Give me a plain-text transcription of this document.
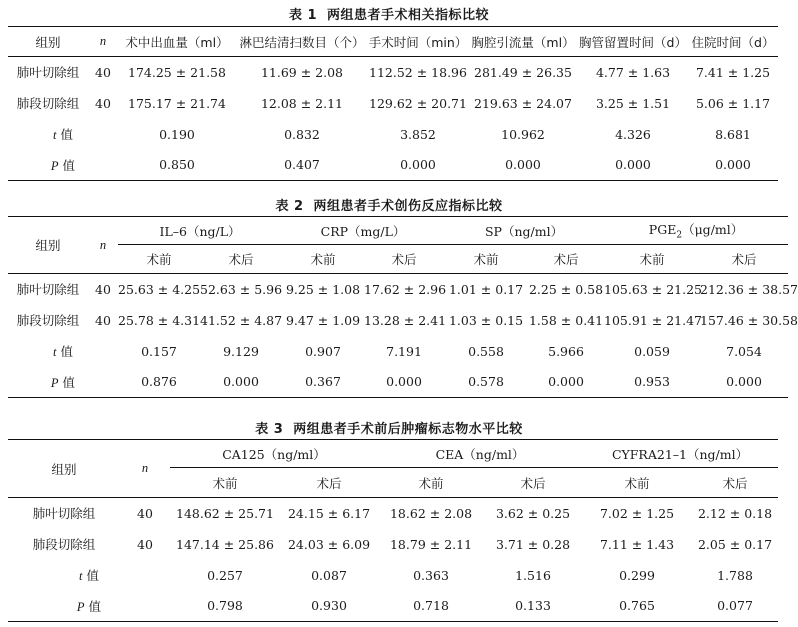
表 1 两组患者手术相关指标比较
组别	n	术中出血量（ml）	淋巴结清扫数目（个）	手术时间（min）	胸腔引流量（ml）	胸管留置时间（d）	住院时间（d）
肺叶切除组	40	174.25 ± 21.58	11.69 ± 2.08	112.52 ± 18.96	281.49 ± 26.35	4.77 ± 1.63	7.41 ± 1.25
肺段切除组	40	175.17 ± 21.74	12.08 ± 2.11	129.62 ± 20.71	219.63 ± 24.07	3.25 ± 1.51	5.06 ± 1.17
t 值		0.190	0.832	3.852	10.962	4.326	8.681
P 值		0.850	0.407	0.000	0.000	0.000	0.000
表 2 两组患者手术创伤反应指标比较
组别	n	IL–6（ng/L）		CRP（mg/L）		SP（ng/ml）		$PGE_2(\mu g/ml)$	
		术前	术后	术前	术后	术前	术后	术前	术后
肺叶切除组	40	25.63 ± 4.25	52.63 ± 5.96	9.25 ± 1.08	17.62 ± 2.96	1.01 ± 0.17	2.25 ± 0.58	105.63 ± 21.25	212.36 ± 38.57
肺段切除组	40	25.78 ± 4.31	41.52 ± 4.87	9.47 ± 1.09	13.28 ± 2.41	1.03 ± 0.15	1.58 ± 0.41	105.91 ± 21.47	157.46 ± 30.58
t 值		0.157	9.129	0.907	7.191	0.558	5.966	0.059	7.054
P 值		0.876	0.000	0.367	0.000	0.578	0.000	0.953	0.000
表 3 两组患者手术前后肿瘤标志物水平比较
组别	n	CA125（ng/ml）		CEA（ng/ml）		CYFRA21–1（ng/ml）	
		术前	术后	术前	术后	术前	术后
肺叶切除组	40	148.62 ± 25.71	24.15 ± 6.17	18.62 ± 2.08	3.62 ± 0.25	7.02 ± 1.25	2.12 ± 0.18
肺段切除组	40	147.14 ± 25.86	24.03 ± 6.09	18.79 ± 2.11	3.71 ± 0.28	7.11 ± 1.43	2.05 ± 0.17
t 值		0.257	0.087	0.363	1.516	0.299	1.788
P 值		0.798	0.930	0.718	0.133	0.765	0.077
